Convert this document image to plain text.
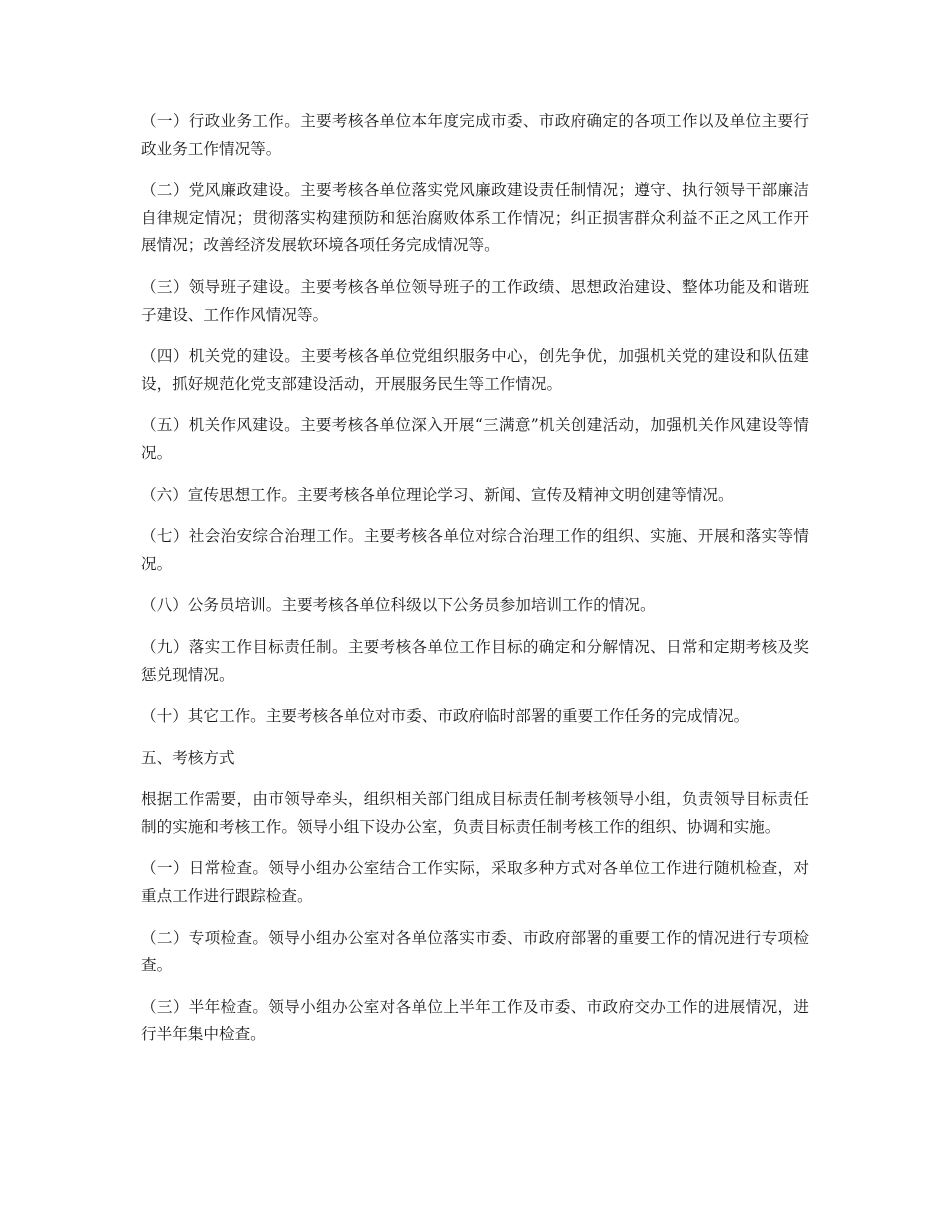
（一）行政业务工作。主要考核各单位本年度完成市委、市政府确定的各项工作以及单位主要行政业务工作情况等。

（二）党风廉政建设。主要考核各单位落实党风廉政建设责任制情况；遵守、执行领导干部廉洁自律规定情况；贯彻落实构建预防和惩治腐败体系工作情况；纠正损害群众利益不正之风工作开展情况；改善经济发展软环境各项任务完成情况等。

（三）领导班子建设。主要考核各单位领导班子的工作政绩、思想政治建设、整体功能及和谐班子建设、工作作风情况等。

（四）机关党的建设。主要考核各单位党组织服务中心，创先争优，加强机关党的建设和队伍建设，抓好规范化党支部建设活动，开展服务民生等工作情况。

（五）机关作风建设。主要考核各单位深入开展“三满意”机关创建活动，加强机关作风建设等情况。

（六）宣传思想工作。主要考核各单位理论学习、新闻、宣传及精神文明创建等情况。

（七）社会治安综合治理工作。主要考核各单位对综合治理工作的组织、实施、开展和落实等情况。

（八）公务员培训。主要考核各单位科级以下公务员参加培训工作的情况。

（九）落实工作目标责任制。主要考核各单位工作目标的确定和分解情况、日常和定期考核及奖惩兑现情况。

（十）其它工作。主要考核各单位对市委、市政府临时部署的重要工作任务的完成情况。

五、考核方式

根据工作需要，由市领导牵头，组织相关部门组成目标责任制考核领导小组，负责领导目标责任制的实施和考核工作。领导小组下设办公室，负责目标责任制考核工作的组织、协调和实施。

（一）日常检查。领导小组办公室结合工作实际，采取多种方式对各单位工作进行随机检查，对重点工作进行跟踪检查。

（二）专项检查。领导小组办公室对各单位落实市委、市政府部署的重要工作的情况进行专项检查。

（三）半年检查。领导小组办公室对各单位上半年工作及市委、市政府交办工作的进展情况，进行半年集中检查。
